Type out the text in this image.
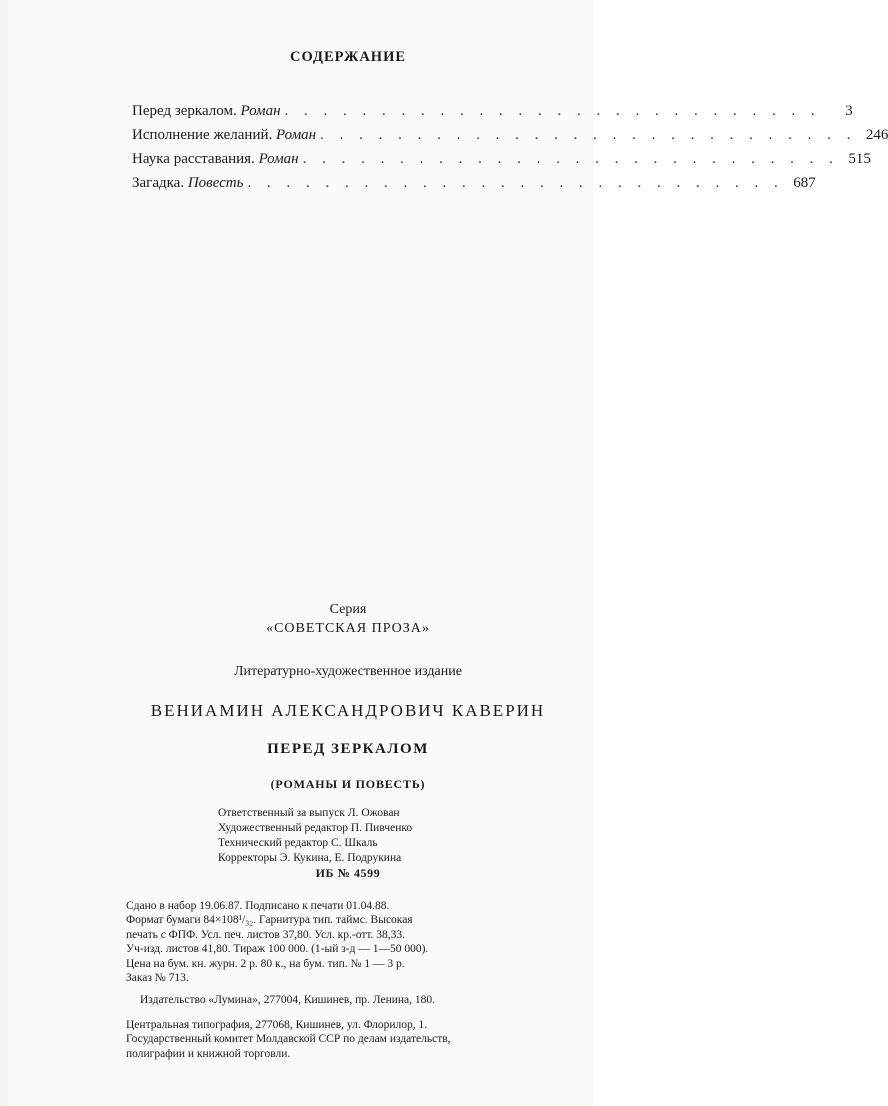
СОДЕРЖАНИЕ
Перед зеркалом. Роман . . . . . . . . . . . . . . . . . . . . . . . . . . . .	3
Исполнение желаний. Роман . . . . . . . . . . . . . . . . . . . . . . . . . . . . 246
Наука расставания. Роман . . . . . . . . . . . . . . . . . . . . . . . . . . . . 515
Загадка. Повесть . . . . . . . . . . . . . . . . . . . . . . . . . . . . 687
Серия
«СОВЕТСКАЯ ПРОЗА»
Литературно-художественное издание
ВЕНИАМИН АЛЕКСАНДРОВИЧ КАВЕРИН
ПЕРЕД ЗЕРКАЛОМ
(РОМАНЫ И ПОВЕСТЬ)
Ответственный за выпуск Л. Ожован
Художественный редактор П. Пивченко
Технический редактор С. Шкаль
Корректоры Э. Кукина, Е. Подрукина
ИБ № 4599
Сдано в набор 19.06.87. Подписано к печати 01.04.88.
Формат бумаги 84×108¹/₃₂. Гарнитура тип. таймс. Высокая
печать с ФПФ. Усл. печ. листов 37,80. Усл. кр.-отт. 38,33.
Уч-изд. листов 41,80. Тираж 100 000. (1-ый з-д — 1—50 000).
Цена на бум. кн. журн. 2 р. 80 к., на бум. тип. № 1 — 3 р.
Заказ № 713.
Издательство «Лумина», 277004, Кишинев, пр. Ленина, 180.
Центральная типография, 277068, Кишинев, ул. Флорилор, 1.
Государственный комитет Молдавской ССР по делам издательств,
полиграфии и книжной торговли.
